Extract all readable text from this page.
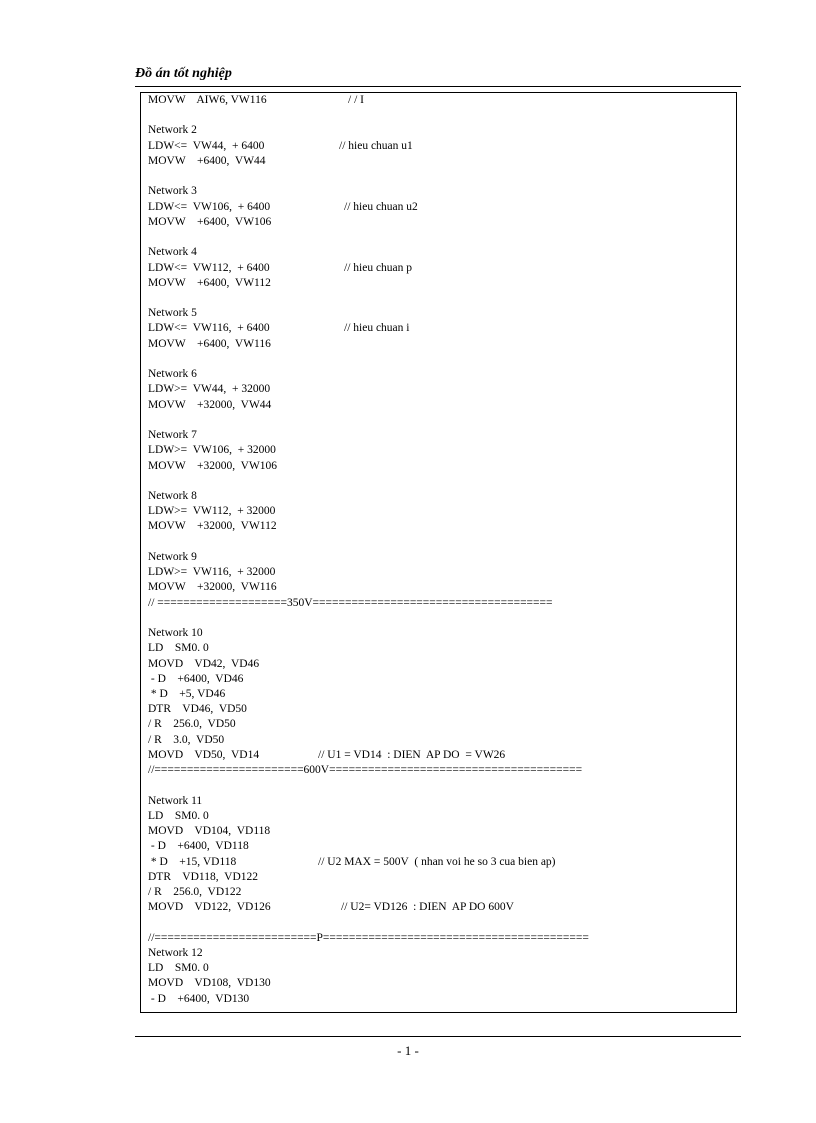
Đồ án tốt nghiệp
MOVW    AIW6, VW116	/ / I
Network 2
LDW<=  VW44,  + 6400	// hieu chuan u1
MOVW    +6400,  VW44
Network 3
LDW<=  VW106,  + 6400	// hieu chuan u2
MOVW    +6400,  VW106
Network 4
LDW<=  VW112,  + 6400	// hieu chuan p
MOVW    +6400,  VW112
Network 5
LDW<=  VW116,  + 6400	// hieu chuan i
MOVW    +6400,  VW116
Network 6
LDW>=  VW44,  + 32000
MOVW    +32000,  VW44
Network 7
LDW>=  VW106,  + 32000
MOVW    +32000,  VW106
Network 8
LDW>=  VW112,  + 32000
MOVW    +32000,  VW112
Network 9
LDW>=  VW116,  + 32000
MOVW    +32000,  VW116
// ====================350V=====================================
Network 10
LD    SM0. 0
MOVD    VD42,  VD46
- D    +6400,  VD46
* D    +5, VD46
DTR    VD46,  VD50
/ R    256.0,  VD50
/ R    3.0,  VD50
MOVD    VD50,  VD14	// U1 = VD14  : DIEN  AP DO  = VW26
//=======================600V=======================================
Network 11
LD    SM0. 0
MOVD    VD104,  VD118
- D    +6400,  VD118
* D    +15, VD118	// U2 MAX = 500V  ( nhan voi he so 3 cua bien ap)
DTR    VD118,  VD122
/ R    256.0,  VD122
MOVD    VD122,  VD126	// U2= VD126  : DIEN  AP DO 600V
//=========================P=========================================
Network 12
LD    SM0. 0
MOVD    VD108,  VD130
- D    +6400,  VD130
- 1 -
